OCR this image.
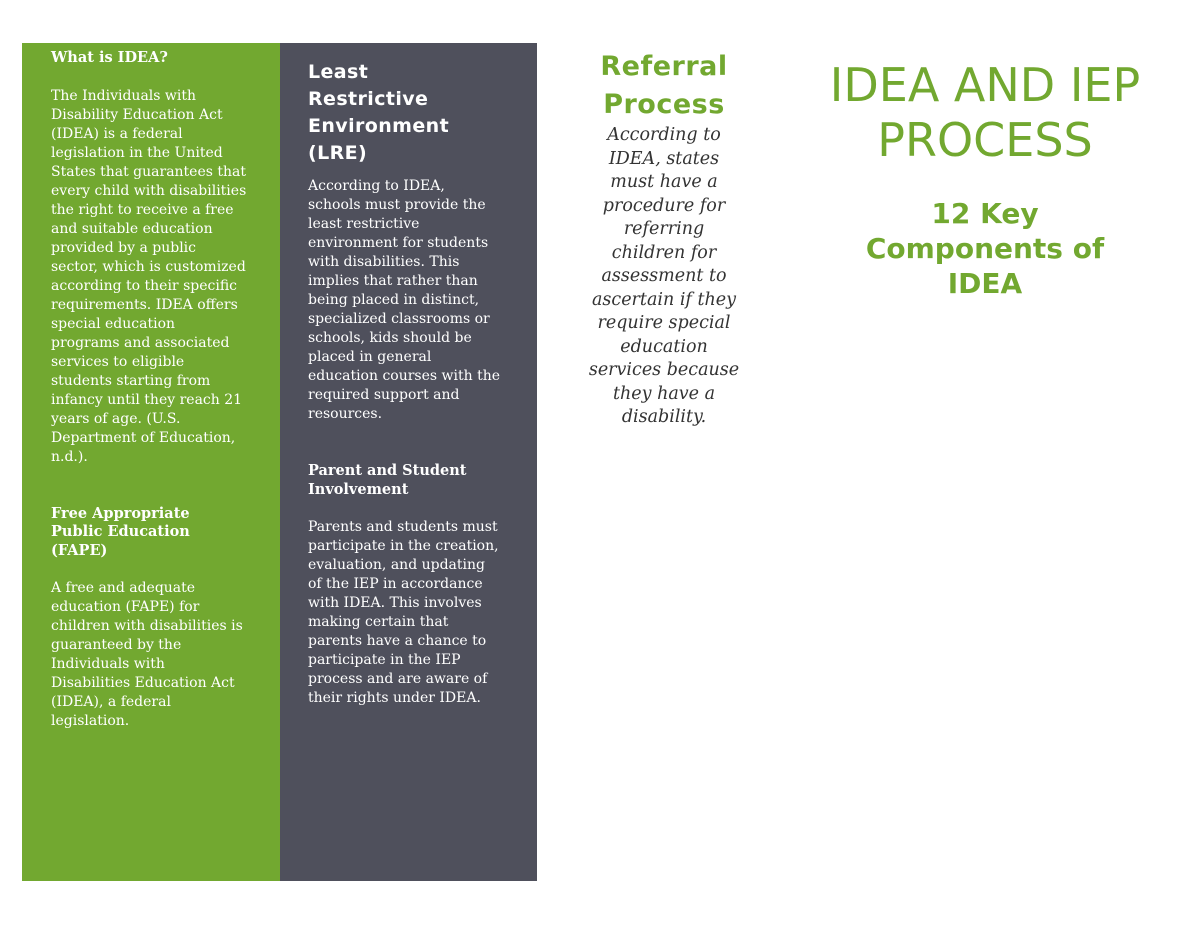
What is IDEA?

The Individuals with
Disability Education Act
(IDEA) is a federal
legislation in the United
States that guarantees that
every child with disabilities
the right to receive a free
and suitable education
provided by a public
sector, which is customized
according to their specific
requirements. IDEA offers
special education
programs and associated
services to eligible
students starting from
infancy until they reach 21
years of age. (U.S.
Department of Education,
n.d.).
Free Appropriate
Public Education
(FAPE)
A free and adequate
education (FAPE) for
children with disabilities is
guaranteed by the
Individuals with
Disabilities Education Act
(IDEA), a federal
legislation.
Least
Restrictive
Environment
(LRE)
According to IDEA,
schools must provide the
least restrictive
environment for students
with disabilities. This
implies that rather than
being placed in distinct,
specialized classrooms or
schools, kids should be
placed in general
education courses with the
required support and
resources.
Parent and Student
Involvement
Parents and students must
participate in the creation,
evaluation, and updating
of the IEP in accordance
with IDEA. This involves
making certain that
parents have a chance to
participate in the IEP
process and are aware of
their rights under IDEA.
Referral
Process
According to
IDEA, states
must have a
procedure for
referring
children for
assessment to
ascertain if they
require special
education
services because
they have a
disability.
IDEA AND IEP
PROCESS
12 Key
Components of
IDEA
